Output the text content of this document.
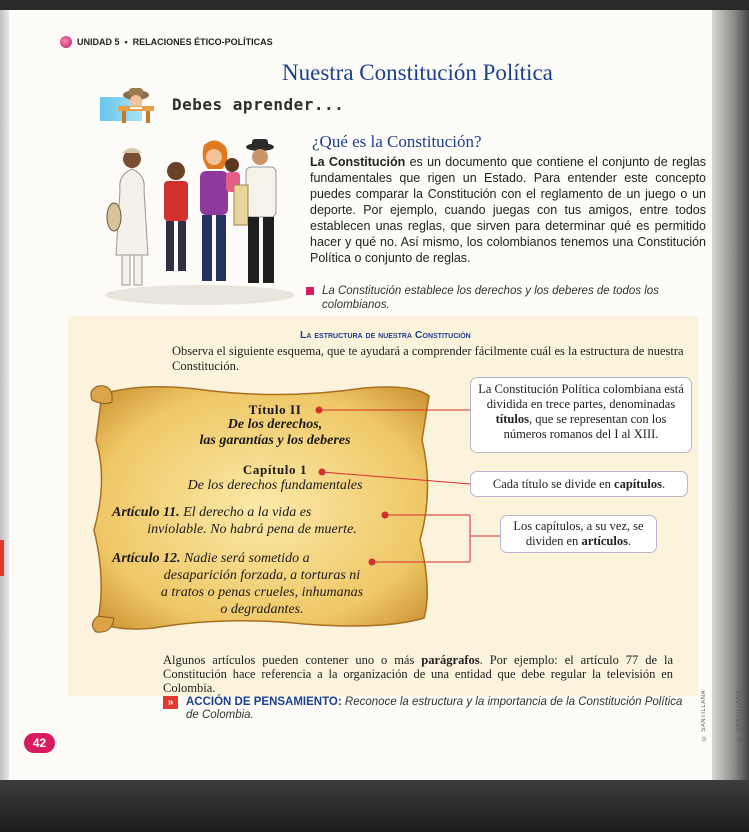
UNIDAD 5 • RELACIONES ÉTICO-POLÍTICAS
Nuestra Constitución Política
Debes aprender...
¿Qué es la Constitución?
La Constitución es un documento que contiene el conjunto de reglas fundamentales que rigen un Estado. Para entender este concepto puedes comparar la Constitución con el reglamento de un juego o un deporte. Por ejemplo, cuando juegas con tus amigos, entre todos establecen unas reglas, que sirven para determinar qué es permitido hacer y qué no. Así mismo, los colombianos tenemos una Constitución Política o conjunto de reglas.
La Constitución establece los derechos y los deberes de todos los colombianos.
La estructura de nuestra Constitución
Observa el siguiente esquema, que te ayudará a comprender fácilmente cuál es la estructura de nuestra Constitución.
Título II
De los derechos,
las garantías y los deberes
Capítulo 1
De los derechos fundamentales
Artículo 11. El derecho a la vida es
inviolable. No habrá pena de muerte.
Artículo 12. Nadie será sometido a
desaparición forzada, a torturas ni
a tratos o penas crueles, inhumanas
o degradantes.
La Constitución Política colombiana está dividida en trece partes, denominadas títulos, que se representan con los números romanos del I al XIII.
Cada título se divide en capítulos.
Los capítulos, a su vez, se dividen en artículos.
Algunos artículos pueden contener uno o más parágrafos. Por ejemplo: el artículo 77 de la Constitución hace referencia a la organización de una entidad que debe regular la televisión en Colombia.
»	ACCIÓN DE PENSAMIENTO: Reconoce la estructura y la importancia de la Constitución Política de Colombia.
42
© SANTILLANA	© SANTILLANA
